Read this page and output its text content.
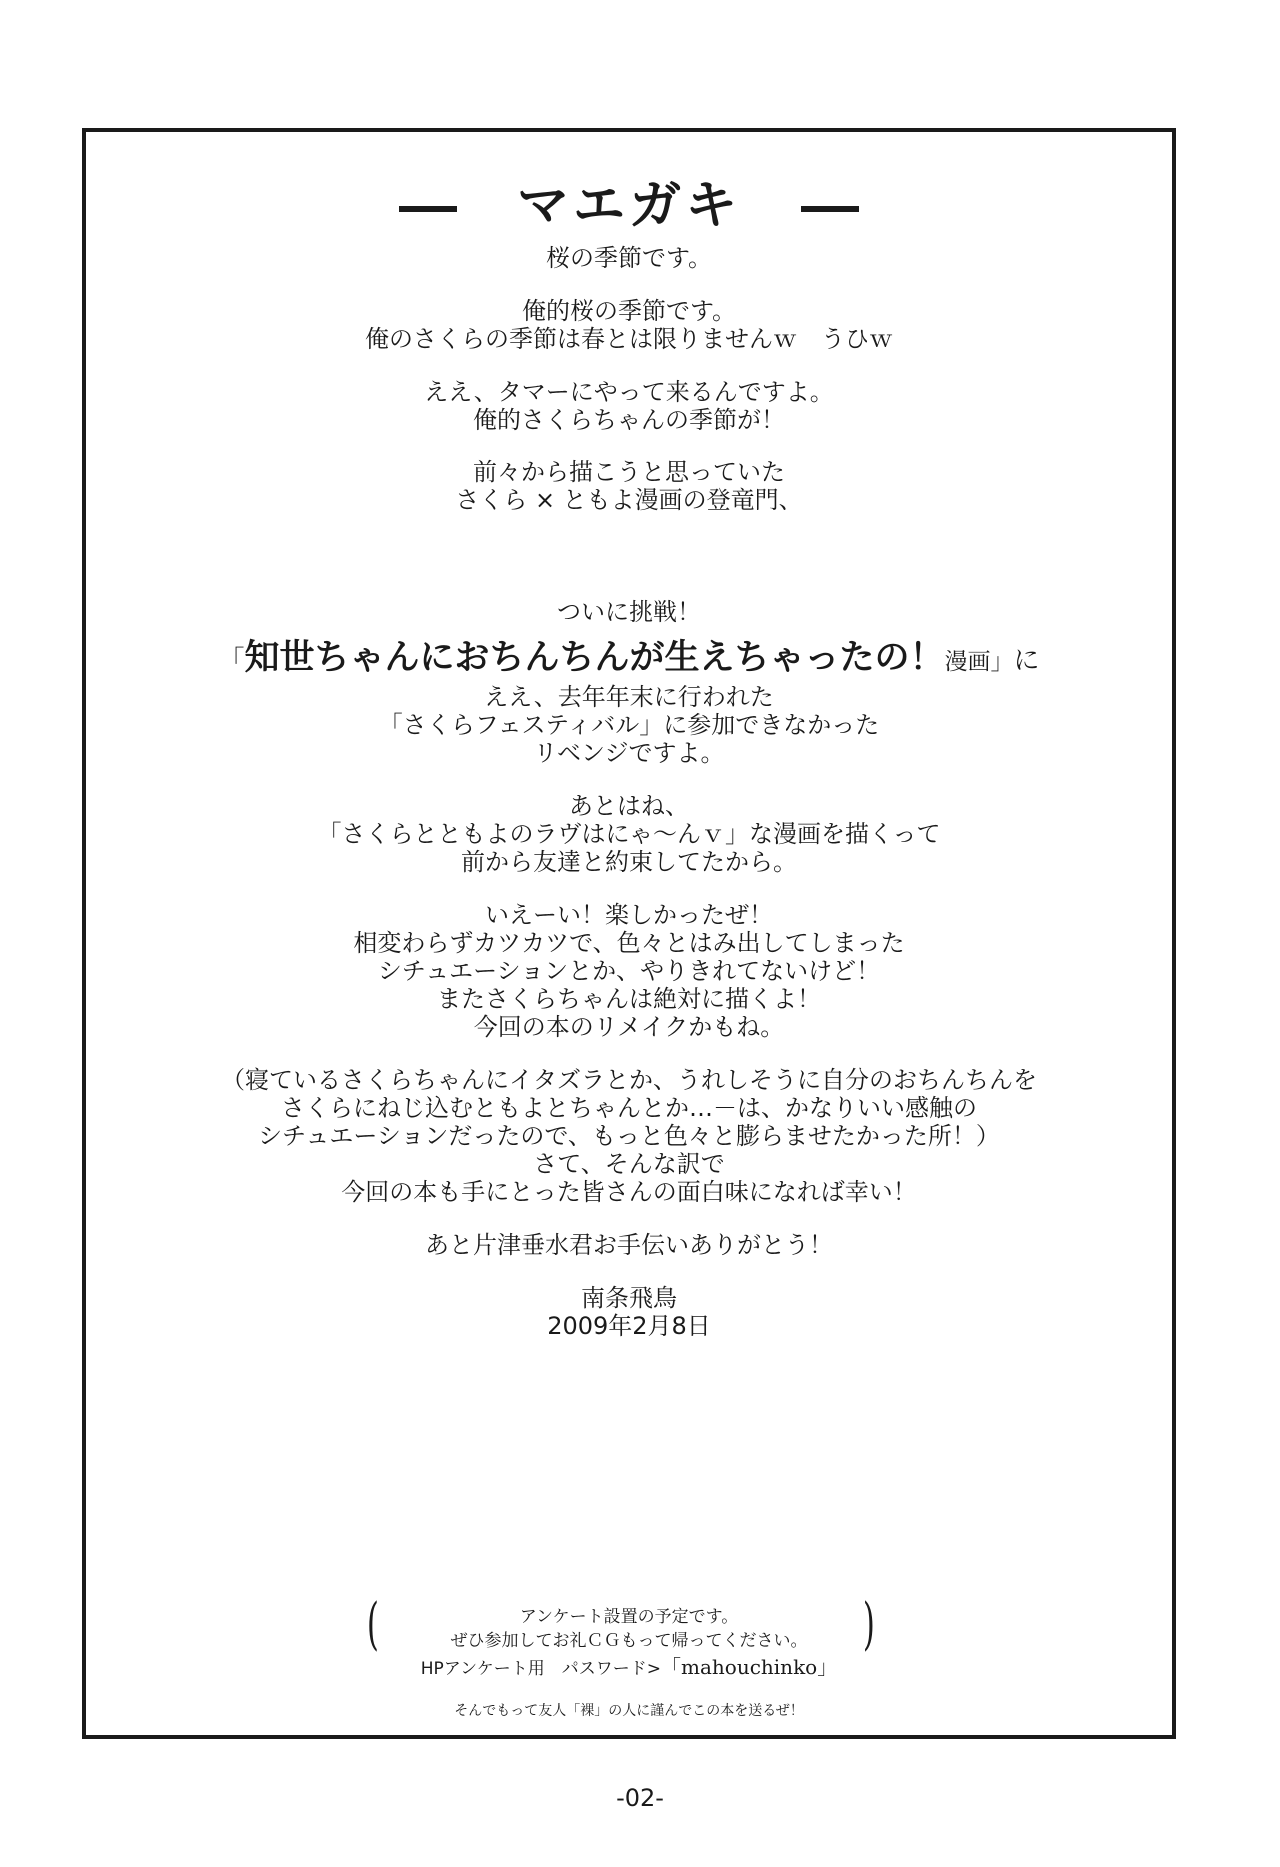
マエガキ
桜の季節です。
俺的桜の季節です。
俺のさくらの季節は春とは限りませんｗ　うひｗ
ええ、タマーにやって来るんですよ。
俺的さくらちゃんの季節が！
前々から描こうと思っていた
さくら × ともよ漫画の登竜門、
「知世ちゃんにおちんちんが生えちゃったの！漫画」に
ついに挑戦！
ええ、去年年末に行われた
「さくらフェスティバル」に参加できなかった
リベンジですよ。
あとはね、
「さくらとともよのラヴはにゃ～んｖ」な漫画を描くって
前から友達と約束してたから。
いえーい！楽しかったぜ！
相変わらずカツカツで、色々とはみ出してしまった
シチュエーションとか、やりきれてないけど！
またさくらちゃんは絶対に描くよ！
今回の本のリメイクかもね。
（寝ているさくらちゃんにイタズラとか、うれしそうに自分のおちんちんを
さくらにねじ込むともよとちゃんとか…－は、かなりいい感触の
シチュエーションだったので、もっと色々と膨らませたかった所！）
さて、そんな訳で
今回の本も手にとった皆さんの面白味になれば幸い！
あと片津垂水君お手伝いありがとう！
南条飛鳥
2009年2月8日
アンケート設置の予定です。
ぜひ参加してお礼ＣＧもって帰ってください。
HPアンケート用　パスワード>「mahouchinko」
(	)
そんでもって友人「裸」の人に謹んでこの本を送るぜ！
-02-
